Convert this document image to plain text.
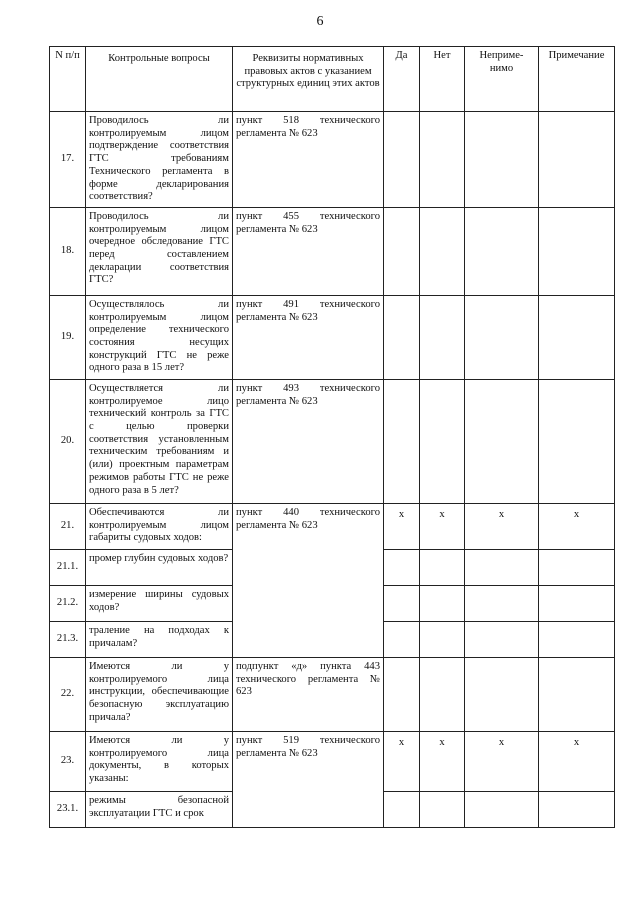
6
N п/п	Контрольные вопросы	Реквизиты нормативных правовых актов с указанием структурных единиц этих актов	Да	Нет	Неприме-нимо	Примечание
17.	Проводилось ли контролируемым лицом подтверждение соответствия ГТС требованиям Технического регламента в форме декларирования соответствия?	пункт 518 технического регламента № 623				
18.	Проводилось ли контролируемым лицом очередное обследование ГТС перед составлением декларации соответствия ГТС?	пункт 455 технического регламента № 623				
19.	Осуществлялось ли контролируемым лицом определение технического состояния несущих конструкций ГТС не реже одного раза в 15 лет?	пункт 491 технического регламента № 623				
20.	Осуществляется ли контролируемое лицо технический контроль за ГТС с целью проверки соответствия установленным техническим требованиям и (или) проектным параметрам режимов работы ГТС не реже одного раза в 5 лет?	пункт 493 технического регламента № 623				
21.	Обеспечиваются ли контролируемым лицом габариты судовых ходов:	пункт 440 технического регламента № 623	x	x	x	x
21.1.	промер глубин судовых ходов?					
21.2.	измерение ширины судовых ходов?					
21.3.	траление на подходах к причалам?					
22.	Имеются ли у контролируемого лица инструкции, обеспечивающие безопасную эксплуатацию причала?	подпункт «д» пункта 443 технического регламента № 623				
23.	Имеются ли у контролируемого лица документы, в которых указаны:	пункт 519 технического регламента № 623	x	x	x	x
23.1.	режимы безопасной эксплуатации ГТС и срок					
